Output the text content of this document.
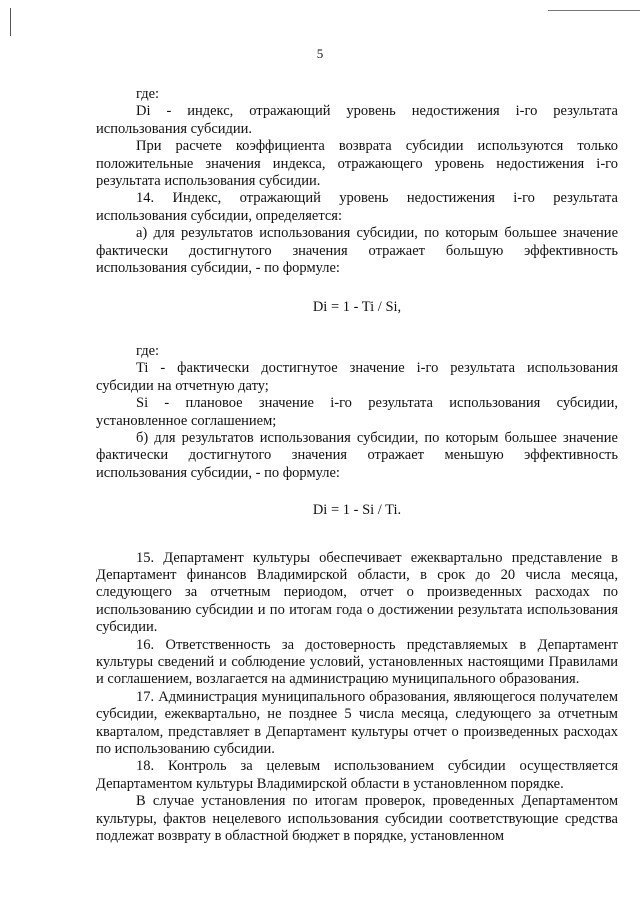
5

где:

Di - индекс, отражающий уровень недостижения i-го результата использования субсидии.

При расчете коэффициента возврата субсидии используются только положительные значения индекса, отражающего уровень недостижения i-го результата использования субсидии.

14. Индекс, отражающий уровень недостижения i-го результата использования субсидии, определяется:

а) для результатов использования субсидии, по которым большее значение фактически достигнутого значения отражает большую эффективность использования субсидии, - по формуле:

Di = 1 - Ti / Si,

где:

Ti - фактически достигнутое значение i-го результата использования субсидии на отчетную дату;

Si - плановое значение i-го результата использования субсидии, установленное соглашением;

б) для результатов использования субсидии, по которым большее значение фактически достигнутого значения отражает меньшую эффективность использования субсидии, - по формуле:

Di = 1 - Si / Ti.

15. Департамент культуры обеспечивает ежеквартально представление в Департамент финансов Владимирской области, в срок до 20 числа месяца, следующего за отчетным периодом, отчет о произведенных расходах по использованию субсидии и по итогам года о достижении результата использования субсидии.

16. Ответственность за достоверность представляемых в Департамент культуры сведений и соблюдение условий, установленных настоящими Правилами и соглашением, возлагается на администрацию муниципального образования.

17. Администрация муниципального образования, являющегося получателем субсидии, ежеквартально, не позднее 5 числа месяца, следующего за отчетным кварталом, представляет в Департамент культуры отчет о произведенных расходах по использованию субсидии.

18. Контроль за целевым использованием субсидии осуществляется Департаментом культуры Владимирской области в установленном порядке.

В случае установления по итогам проверок, проведенных Департаментом культуры, фактов нецелевого использования субсидии соответствующие средства подлежат возврату в областной бюджет в порядке, установленном
